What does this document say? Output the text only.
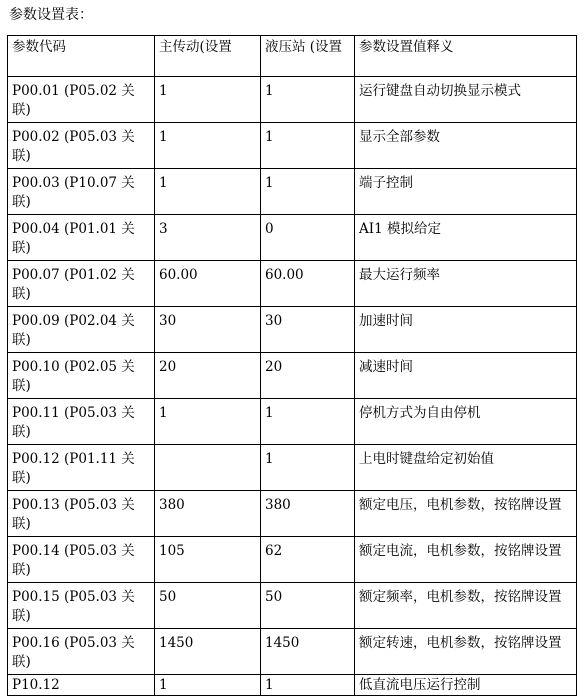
参数设置表：
参数代码	主传动(设置	液压站 (设置	参数设置值释义
P00.01 (P05.02 关联)	1	1	运行键盘自动切换显示模式
P00.02 (P05.03 关联)	1	1	显示全部参数
P00.03 (P10.07 关联)	1	1	端子控制
P00.04 (P01.01 关联)	3	0	AI1 模拟给定
P00.07 (P01.02 关联)	60.00	60.00	最大运行频率
P00.09 (P02.04 关联)	30	30	加速时间
P00.10 (P02.05 关联)	20	20	减速时间
P00.11 (P05.03 关联)	1	1	停机方式为自由停机
P00.12 (P01.11 关联)		1	上电时键盘给定初始值
P00.13 (P05.03 关联)	380	380	额定电压，电机参数，按铭牌设置
P00.14 (P05.03 关联)	105	62	额定电流，电机参数，按铭牌设置
P00.15 (P05.03 关联)	50	50	额定频率，电机参数，按铭牌设置
P00.16 (P05.03 关联)	1450	1450	额定转速，电机参数，按铭牌设置
P10.12	1	1	低直流电压运行控制
